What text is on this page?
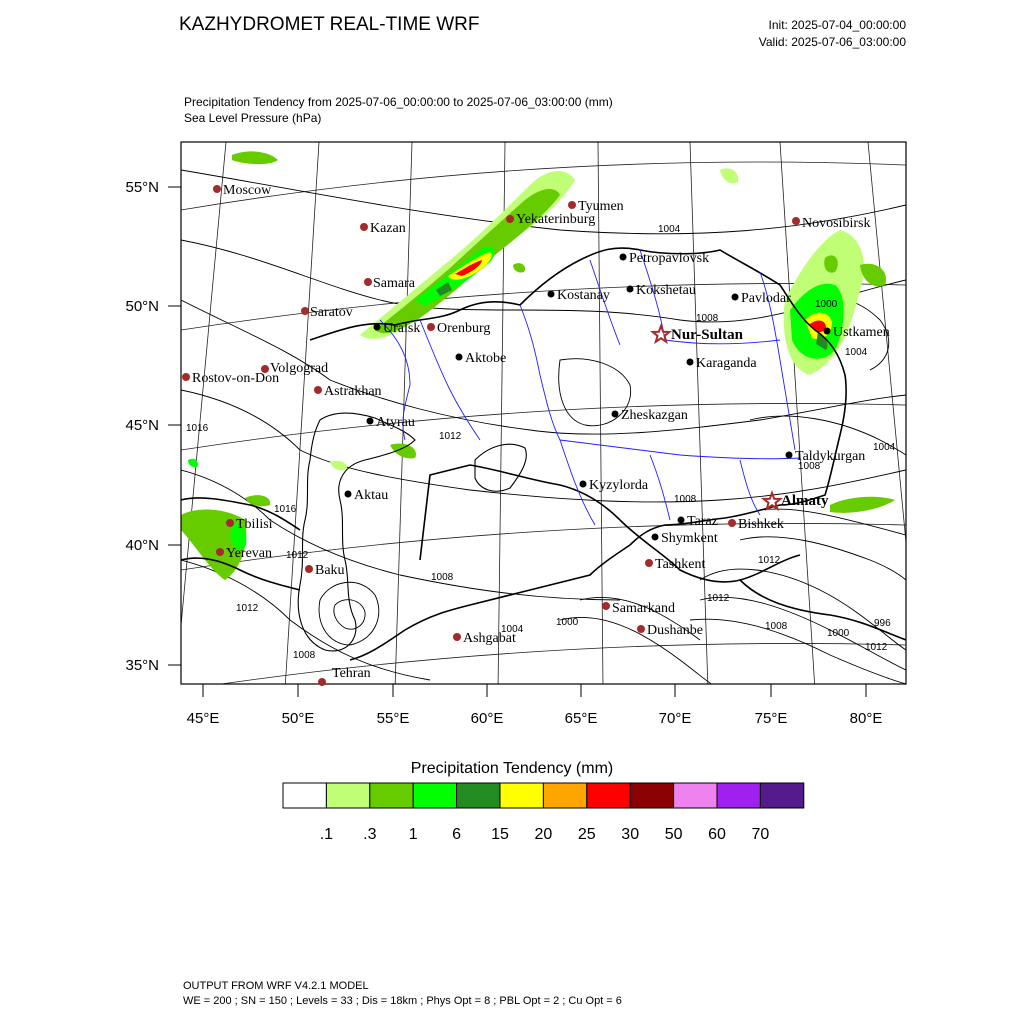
KAZHYDROMET REAL-TIME WRF	Init: 2025-07-04_00:00:00
Valid: 2025-07-06_03:00:00
Precipitation Tendency from 2025-07-06_00:00:00 to 2025-07-06_03:00:00 (mm)
Sea Level Pressure (hPa)
55°N
50°N
45°N
40°N
35°N
45°E	50°E	55°E	60°E	65°E	70°E	75°E	80°E
1004
1008
1004
1000
1016
1012
1004
1008
1008
1016
1012	1012
1008
1012
1012
1000
1004	1008
1000
996
1012
1008
Moscow
Kazan
Samara
Saratov
Volgograd
Rostov-on-Don
Astrakhan
Tyumen
Yekaterinburg
Orenburg
Novosibirsk
Tbilisi
Yerevan
Baku
Tehran
Ashgabat
Samarkand
Dushanbe
Tashkent
Bishkek
Uralsk
Aktobe
Atyrau
Aktau
Kostanay
Petropavlovsk
Kokshetau
Pavlodar
Karaganda
Zheskazgan
Kyzylorda
Taraz
Shymkent
Taldykurgan
Ustkamen
Nur-Sultan
Almaty
Precipitation Tendency (mm)
.1 .3 1 6 15 20 25 30 50 60 70
OUTPUT FROM WRF V4.2.1 MODEL
WE = 200 ; SN = 150 ; Levels = 33 ; Dis = 18km ; Phys Opt = 8 ; PBL Opt = 2 ; Cu Opt = 6
